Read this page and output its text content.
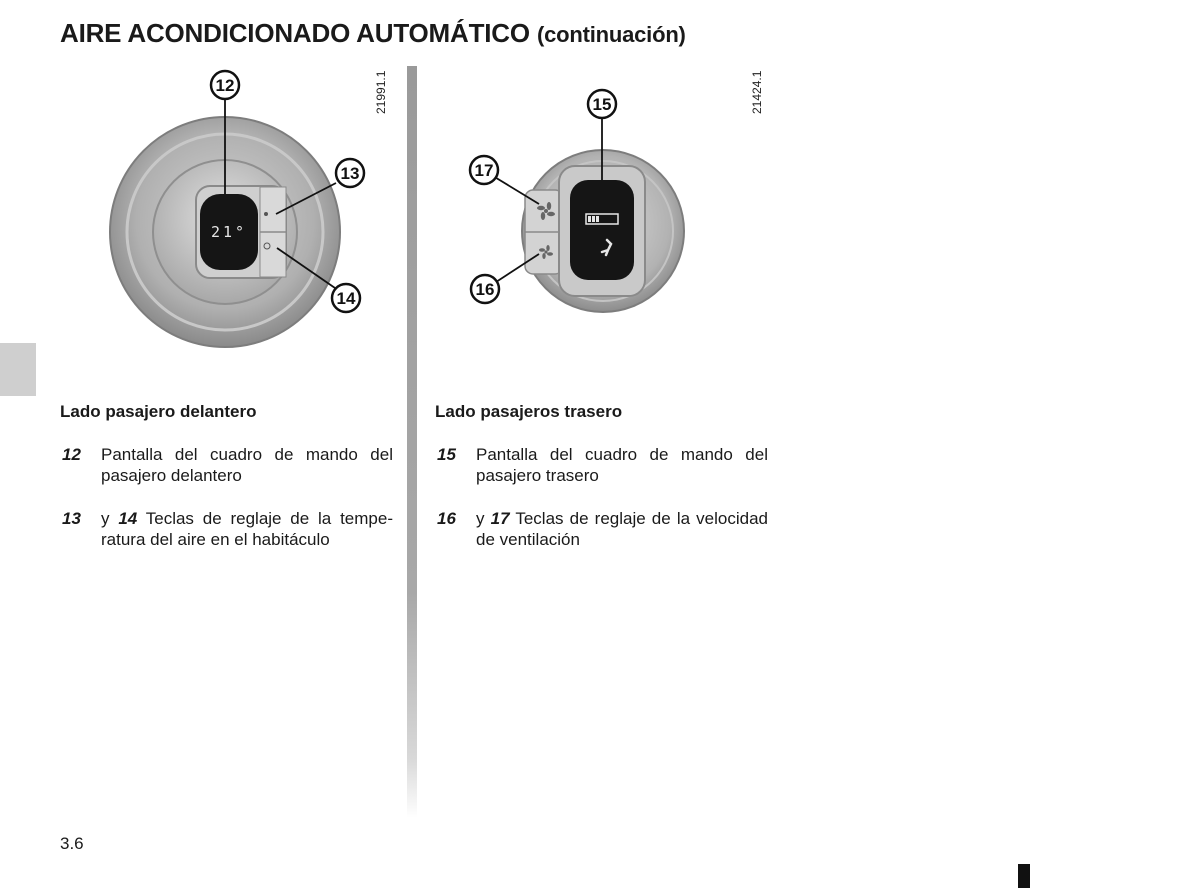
AIRE ACONDICIONADO AUTOMÁTICO (continuación)
21991.1
21°
12
13
14
21424.1
15
16
17
Lado pasajero delantero
12 Pantalla del cuadro de mando del pasajero delantero
13 y 14 Teclas de reglaje de la temperatura del aire en el habitáculo
Lado pasajeros trasero
15 Pantalla del cuadro de mando del pasajero trasero
16 y 17 Teclas de reglaje de la velocidad de ventilación
3.6
